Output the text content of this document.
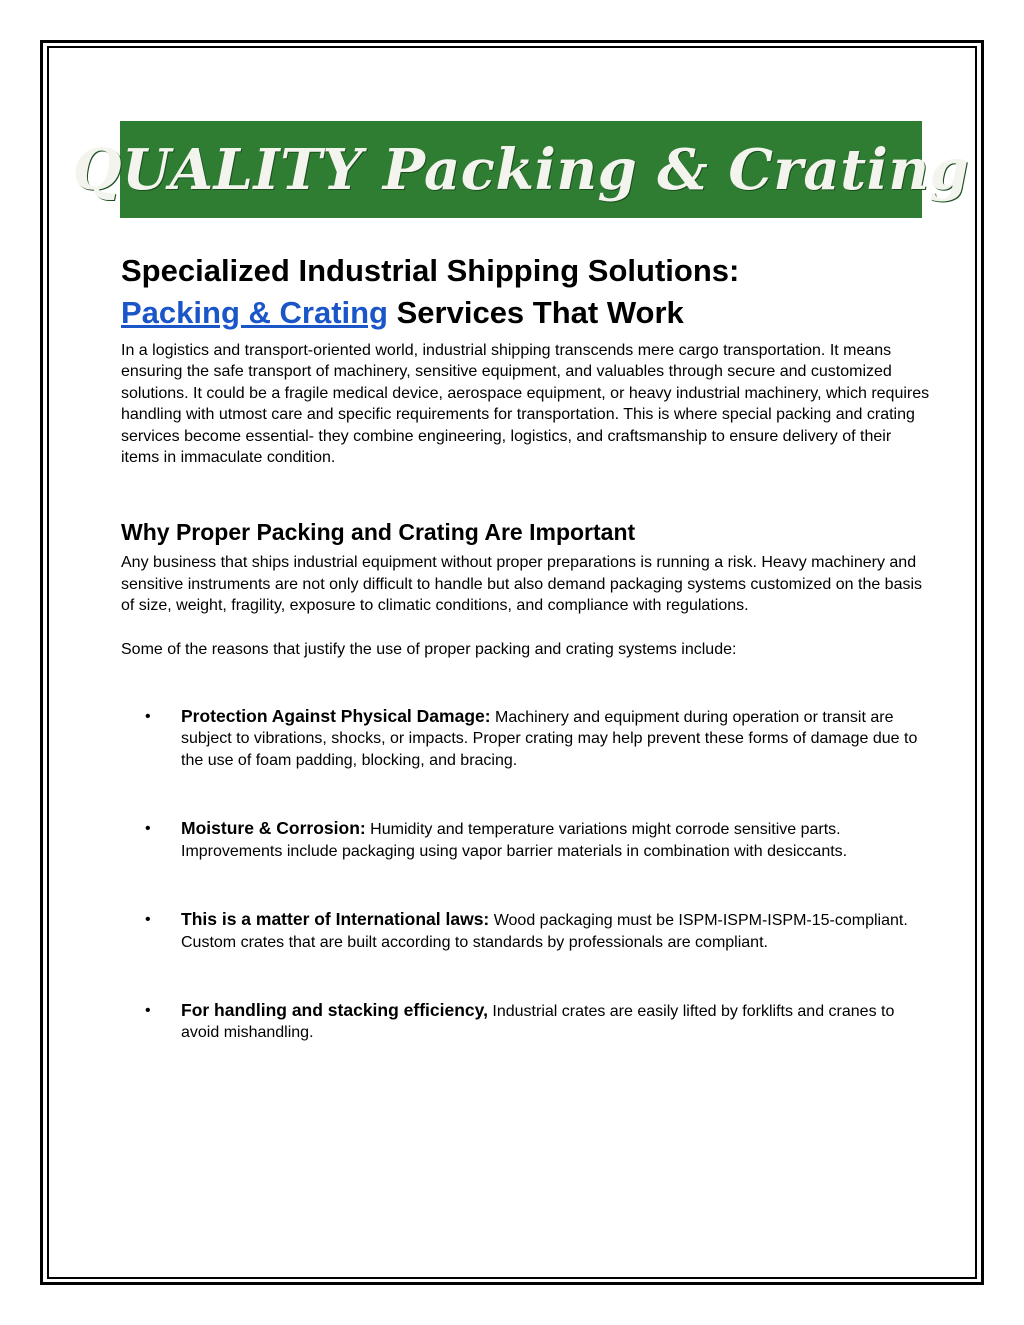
QUALITY Packing & Crating
Specialized Industrial Shipping Solutions:
Packing & Crating Services That Work

In a logistics and transport-oriented world, industrial shipping transcends mere cargo transportation. It means ensuring the safe transport of machinery, sensitive equipment, and valuables through secure and customized solutions. It could be a fragile medical device, aerospace equipment, or heavy industrial machinery, which requires handling with utmost care and specific requirements for transportation. This is where special packing and crating services become essential- they combine engineering, logistics, and craftsmanship to ensure delivery of their items in immaculate condition.

Why Proper Packing and Crating Are Important

Any business that ships industrial equipment without proper preparations is running a risk. Heavy machinery and sensitive instruments are not only difficult to handle but also demand packaging systems customized on the basis of size, weight, fragility, exposure to climatic conditions, and compliance with regulations.

Some of the reasons that justify the use of proper packing and crating systems include:

• Protection Against Physical Damage: Machinery and equipment during operation or transit are subject to vibrations, shocks, or impacts. Proper crating may help prevent these forms of damage due to the use of foam padding, blocking, and bracing.
• Moisture & Corrosion: Humidity and temperature variations might corrode sensitive parts. Improvements include packaging using vapor barrier materials in combination with desiccants.
• This is a matter of International laws: Wood packaging must be ISPM-ISPM-ISPM-15-compliant. Custom crates that are built according to standards by professionals are compliant.
• For handling and stacking efficiency, Industrial crates are easily lifted by forklifts and cranes to avoid mishandling.
